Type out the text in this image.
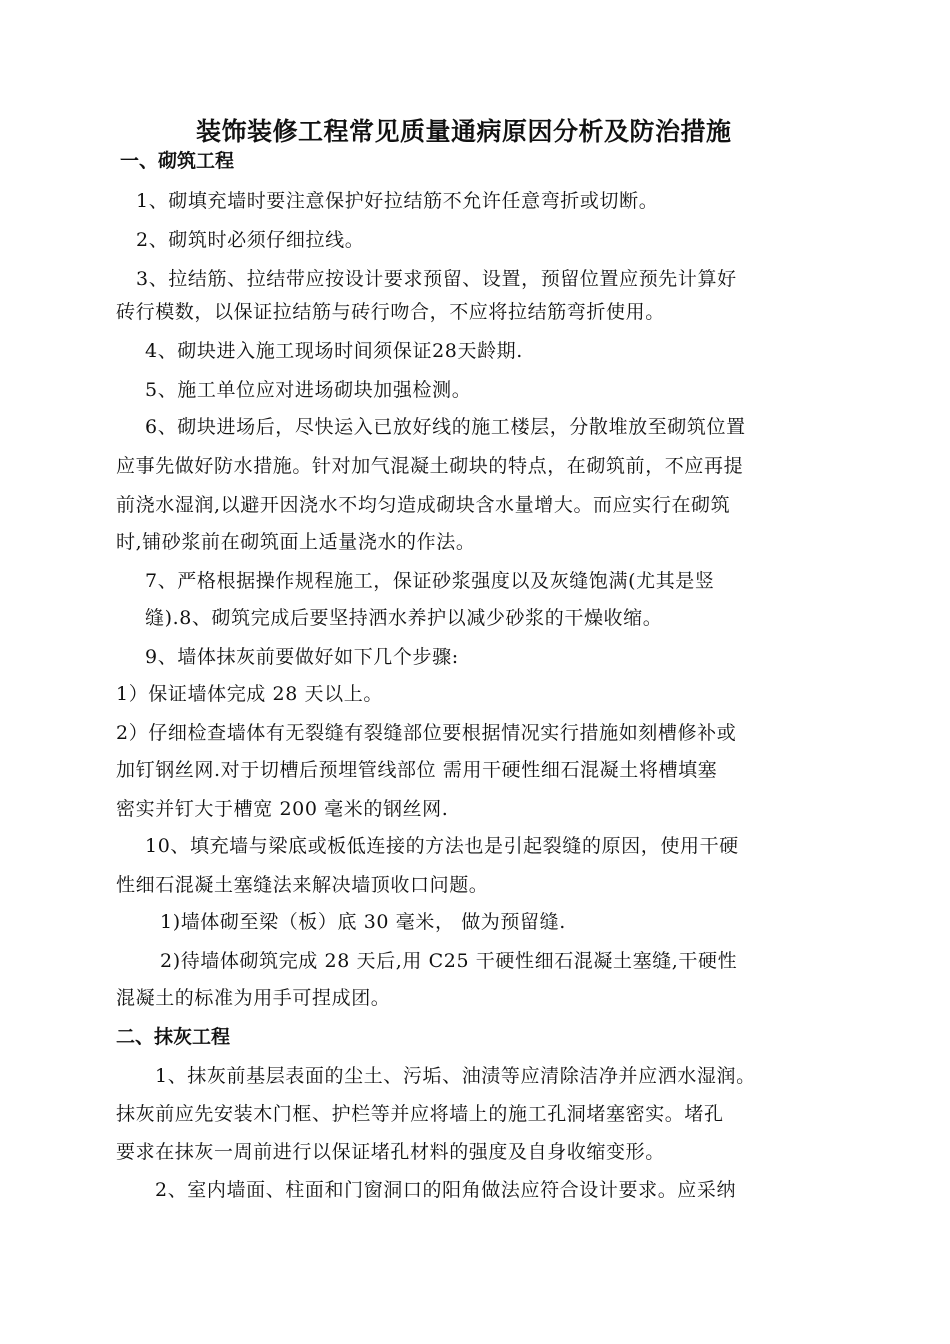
装饰装修工程常见质量通病原因分析及防治措施
一、砌筑工程
1、砌填充墙时要注意保护好拉结筋不允许任意弯折或切断。
2、砌筑时必须仔细拉线。
3、拉结筋、拉结带应按设计要求预留、设置，预留位置应预先计算好
砖行模数，以保证拉结筋与砖行吻合，不应将拉结筋弯折使用。
4、砌块进入施工现场时间须保证28天龄期.
5、施工单位应对进场砌块加强检测。
6、砌块进场后，尽快运入已放好线的施工楼层，分散堆放至砌筑位置
应事先做好防水措施。针对加气混凝土砌块的特点，在砌筑前，不应再提
前浇水湿润,以避开因浇水不均匀造成砌块含水量增大。而应实行在砌筑
时,铺砂浆前在砌筑面上适量浇水的作法。
7、严格根据操作规程施工，保证砂浆强度以及灰缝饱满(尤其是竖
缝).8、砌筑完成后要坚持洒水养护以减少砂浆的干燥收缩。
9、墙体抹灰前要做好如下几个步骤:
1）保证墙体完成 28 天以上。
2）仔细检查墙体有无裂缝有裂缝部位要根据情况实行措施如刻槽修补或
加钉钢丝网.对于切槽后预埋管线部位 需用干硬性细石混凝土将槽填塞
密实并钉大于槽宽 200 毫米的钢丝网.
10、填充墙与梁底或板低连接的方法也是引起裂缝的原因，使用干硬
性细石混凝土塞缝法来解决墙顶收口问题。
1)墙体砌至梁（板）底 30 毫米， 做为预留缝.
2)待墙体砌筑完成 28 天后,用 C25 干硬性细石混凝土塞缝,干硬性
混凝土的标准为用手可捏成团。
二、抹灰工程
1、抹灰前基层表面的尘土、污垢、油渍等应清除洁净并应洒水湿润。
抹灰前应先安装木门框、护栏等并应将墙上的施工孔洞堵塞密实。堵孔
要求在抹灰一周前进行以保证堵孔材料的强度及自身收缩变形。
2、室内墙面、柱面和门窗洞口的阳角做法应符合设计要求。应采纳
